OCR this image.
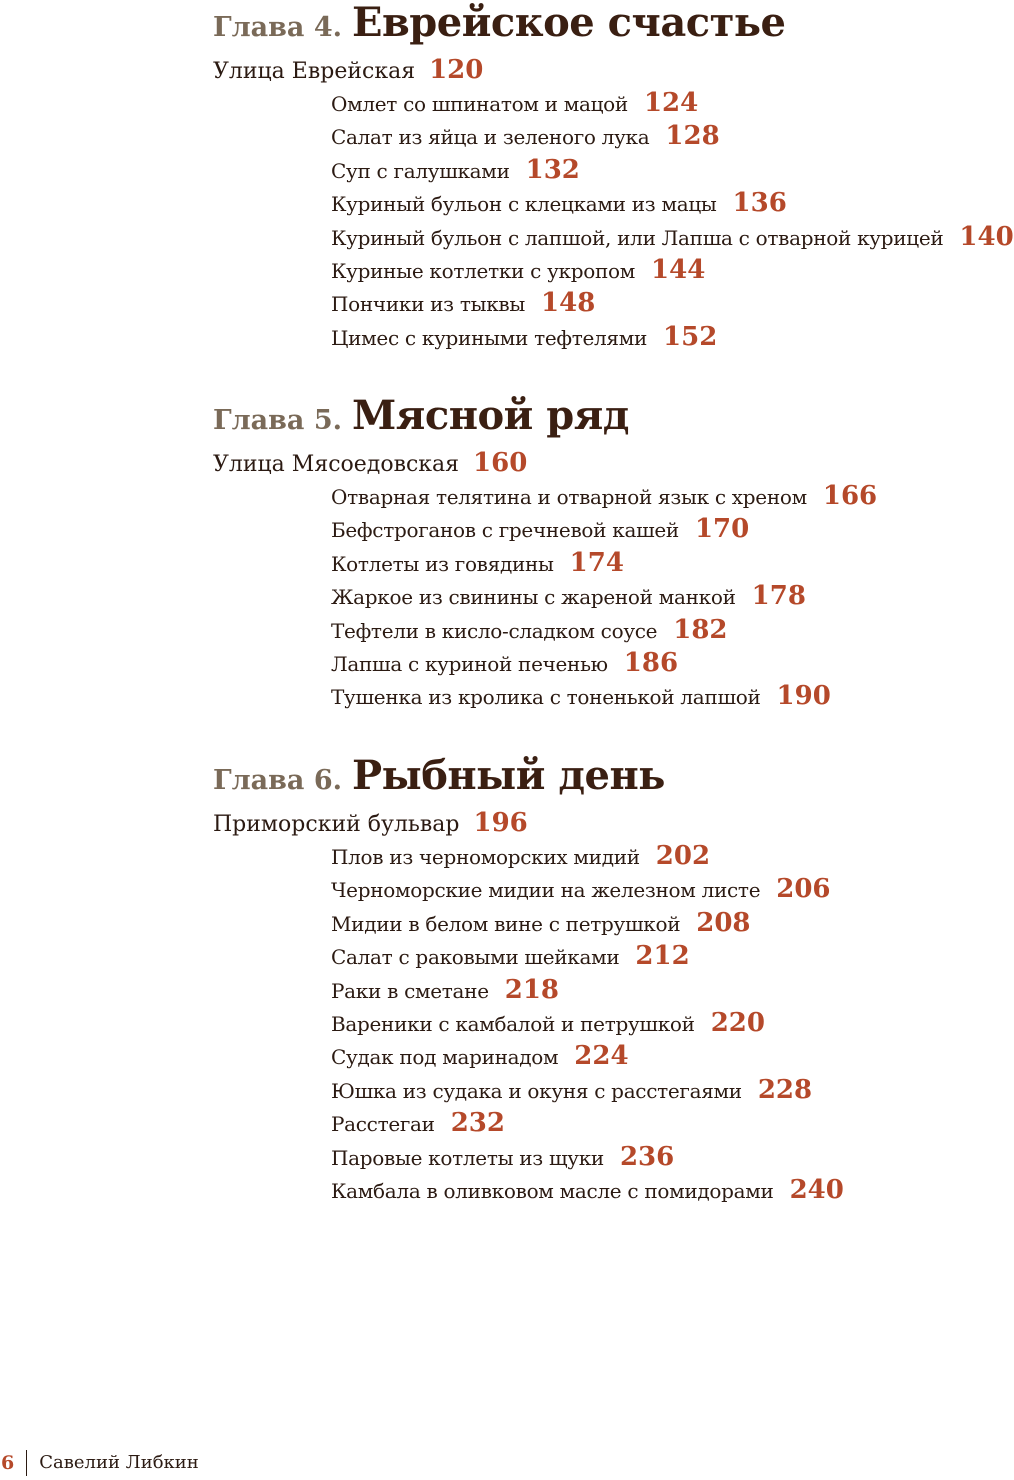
Глава 4. Еврейское счастье
Улица Еврейская 120
Омлет со шпинатом и мацой 124
Салат из яйца и зеленого лука 128
Суп с галушками 132
Куриный бульон с клецками из мацы 136
Куриный бульон с лапшой, или Лапша с отварной курицей 140
Куриные котлетки с укропом 144
Пончики из тыквы 148
Цимес с куриными тефтелями 152
Глава 5. Мясной ряд
Улица Мясоедовская 160
Отварная телятина и отварной язык с хреном 166
Бефстроганов с гречневой кашей 170
Котлеты из говядины 174
Жаркое из свинины с жареной манкой 178
Тефтели в кисло-сладком соусе 182
Лапша с куриной печенью 186
Тушенка из кролика с тоненькой лапшой 190
Глава 6. Рыбный день
Приморский бульвар 196
Плов из черноморских мидий 202
Черноморские мидии на железном листе 206
Мидии в белом вине с петрушкой 208
Салат с раковыми шейками 212
Раки в сметане 218
Вареники с камбалой и петрушкой 220
Судак под маринадом 224
Юшка из судака и окуня с расстегаями 228
Расстегаи 232
Паровые котлеты из щуки 236
Камбала в оливковом масле с помидорами 240
6 Савелий Либкин
